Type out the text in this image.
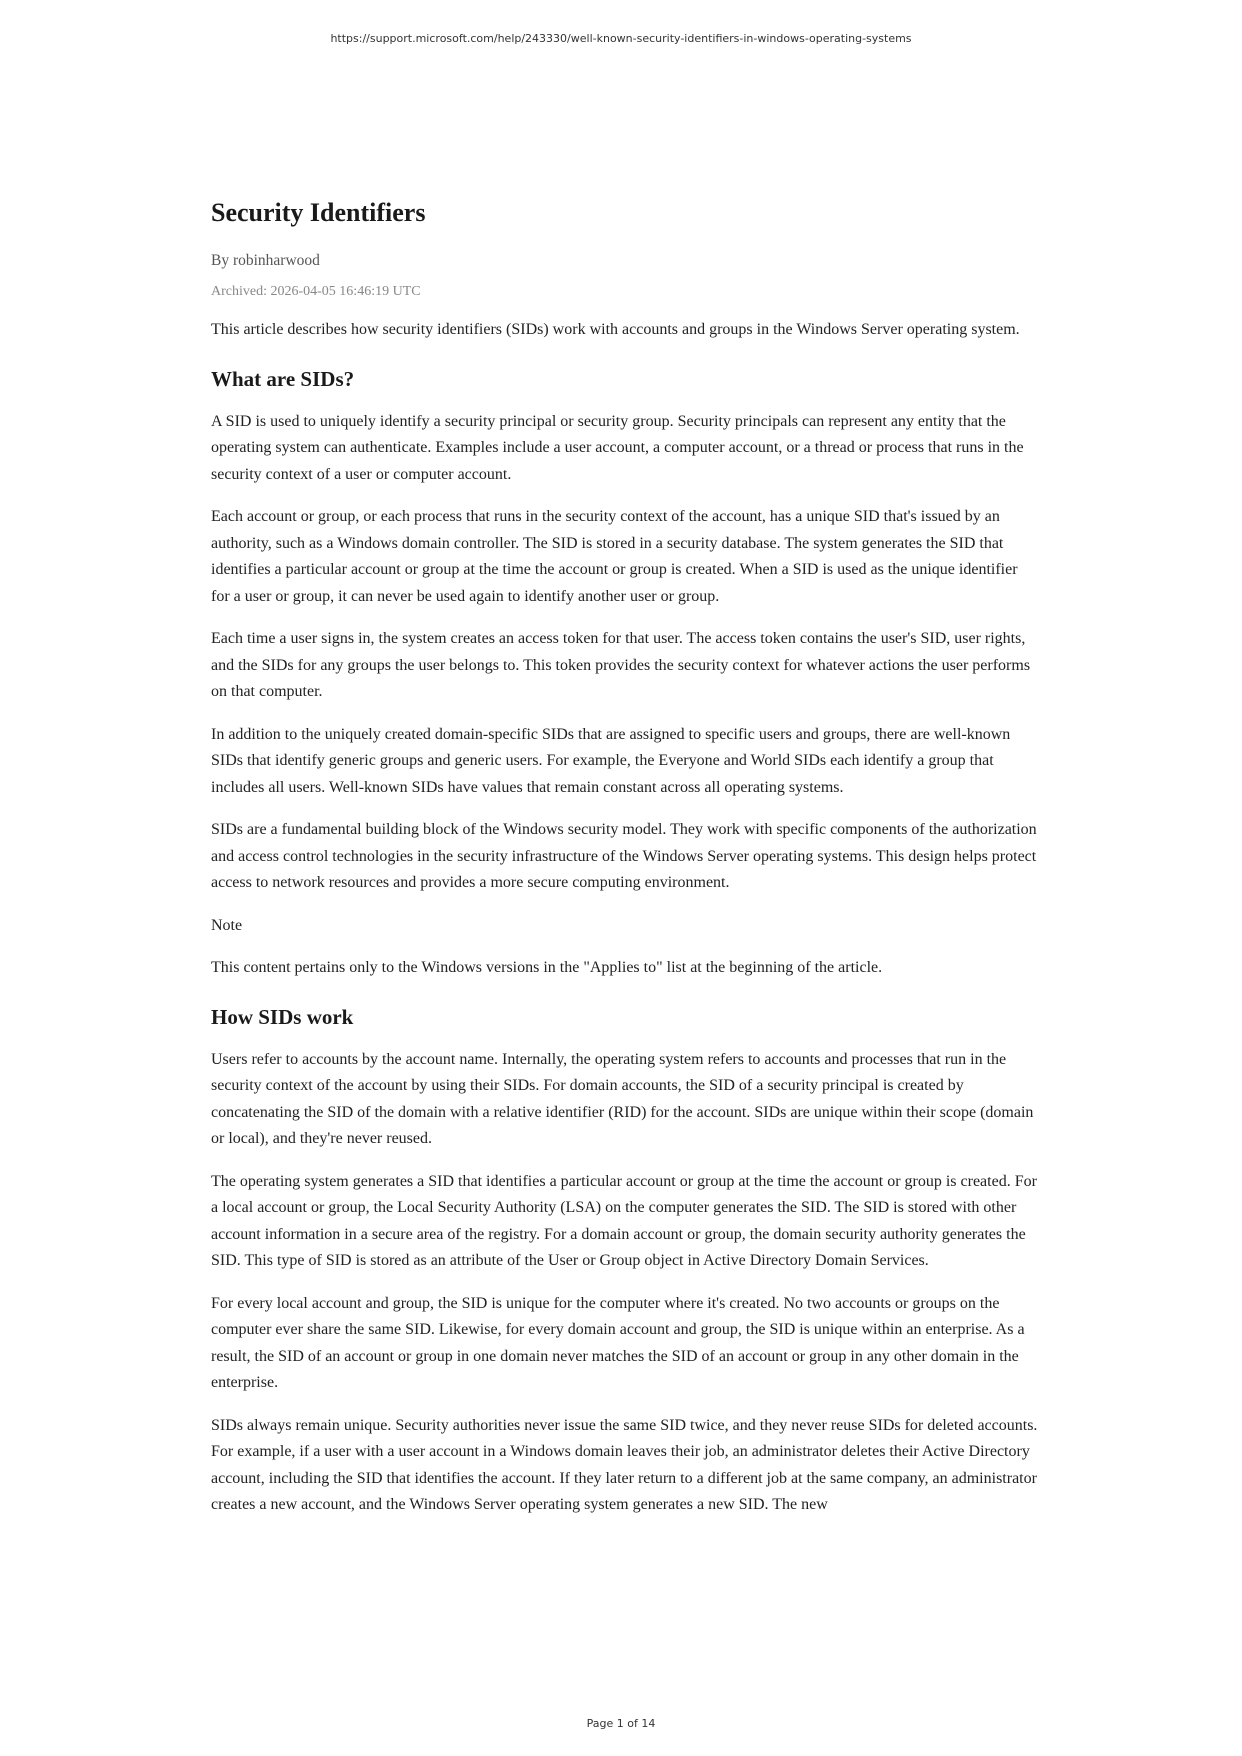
https://support.microsoft.com/help/243330/well-known-security-identifiers-in-windows-operating-systems
Security Identifiers
By robinharwood
Archived: 2026-04-05 16:46:19 UTC

This article describes how security identifiers (SIDs) work with accounts and groups in the Windows Server operating system.

What are SIDs?

A SID is used to uniquely identify a security principal or security group. Security principals can represent any entity that the operating system can authenticate. Examples include a user account, a computer account, or a thread or process that runs in the security context of a user or computer account.

Each account or group, or each process that runs in the security context of the account, has a unique SID that's issued by an authority, such as a Windows domain controller. The SID is stored in a security database. The system generates the SID that identifies a particular account or group at the time the account or group is created. When a SID is used as the unique identifier for a user or group, it can never be used again to identify another user or group.

Each time a user signs in, the system creates an access token for that user. The access token contains the user's SID, user rights, and the SIDs for any groups the user belongs to. This token provides the security context for whatever actions the user performs on that computer.

In addition to the uniquely created domain-specific SIDs that are assigned to specific users and groups, there are well-known SIDs that identify generic groups and generic users. For example, the Everyone and World SIDs each identify a group that includes all users. Well-known SIDs have values that remain constant across all operating systems.

SIDs are a fundamental building block of the Windows security model. They work with specific components of the authorization and access control technologies in the security infrastructure of the Windows Server operating systems. This design helps protect access to network resources and provides a more secure computing environment.

Note

This content pertains only to the Windows versions in the "Applies to" list at the beginning of the article.

How SIDs work

Users refer to accounts by the account name. Internally, the operating system refers to accounts and processes that run in the security context of the account by using their SIDs. For domain accounts, the SID of a security principal is created by concatenating the SID of the domain with a relative identifier (RID) for the account. SIDs are unique within their scope (domain or local), and they're never reused.

The operating system generates a SID that identifies a particular account or group at the time the account or group is created. For a local account or group, the Local Security Authority (LSA) on the computer generates the SID. The SID is stored with other account information in a secure area of the registry. For a domain account or group, the domain security authority generates the SID. This type of SID is stored as an attribute of the User or Group object in Active Directory Domain Services.

For every local account and group, the SID is unique for the computer where it's created. No two accounts or groups on the computer ever share the same SID. Likewise, for every domain account and group, the SID is unique within an enterprise. As a result, the SID of an account or group in one domain never matches the SID of an account or group in any other domain in the enterprise.

SIDs always remain unique. Security authorities never issue the same SID twice, and they never reuse SIDs for deleted accounts. For example, if a user with a user account in a Windows domain leaves their job, an administrator deletes their Active Directory account, including the SID that identifies the account. If they later return to a different job at the same company, an administrator creates a new account, and the Windows Server operating system generates a new SID. The new

Page 1 of 14
